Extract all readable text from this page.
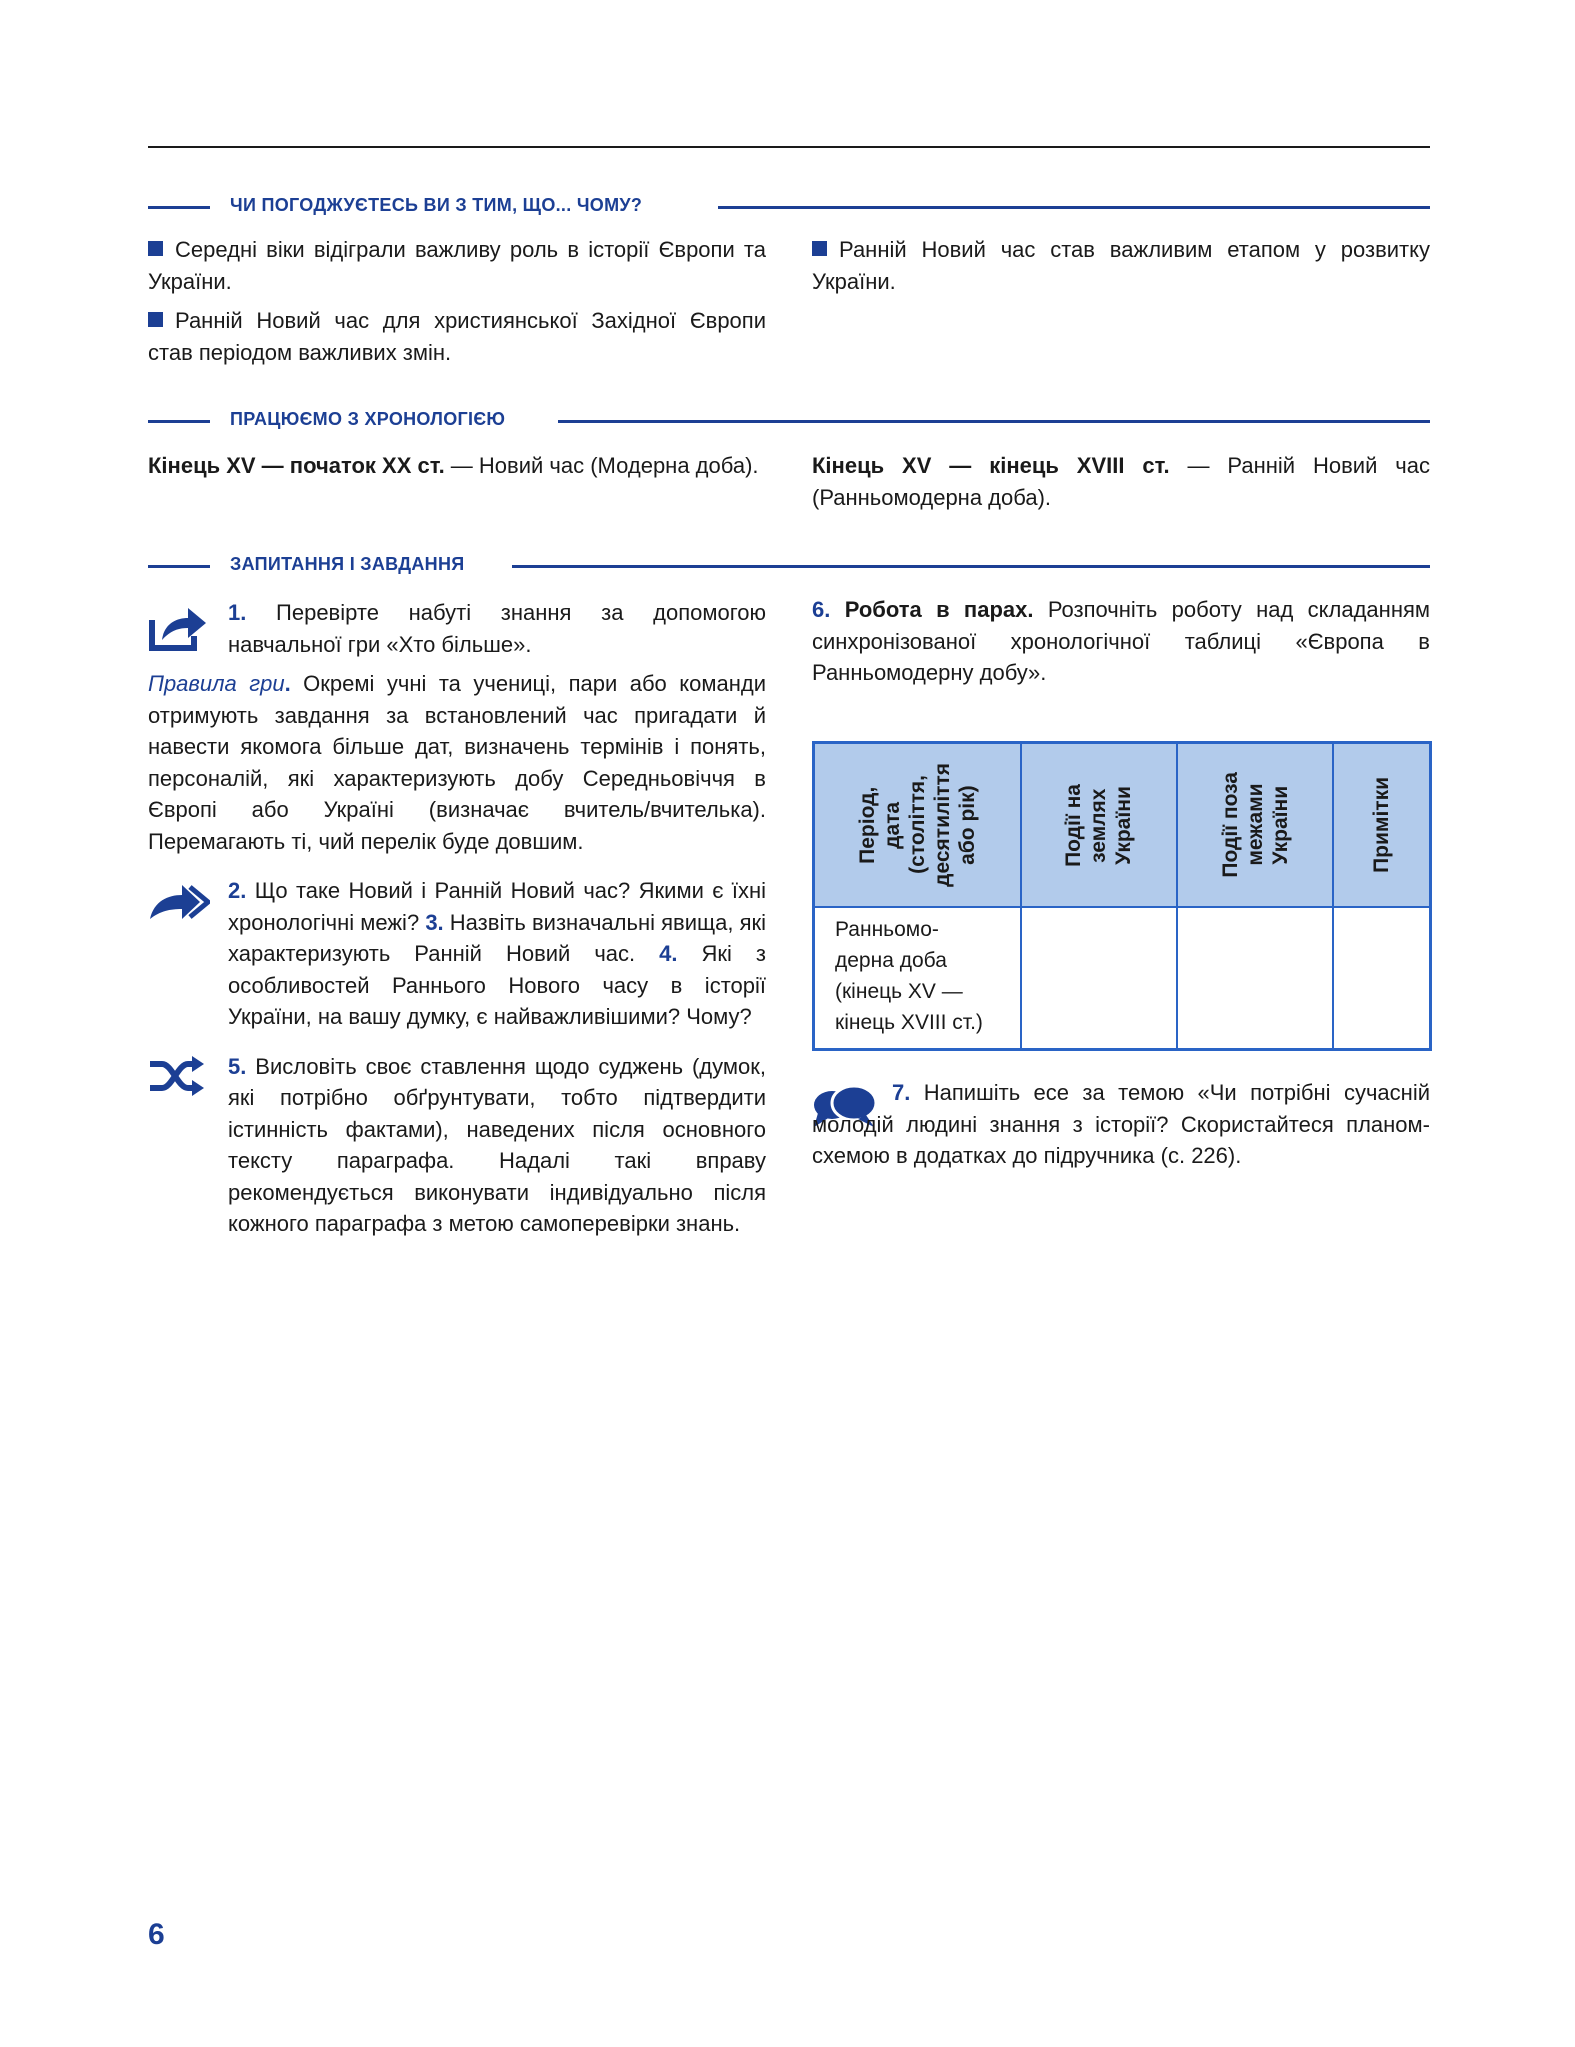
ЧИ ПОГОДЖУЄТЕСЬ ВИ З ТИМ, ЩО... ЧОМУ?

Середні віки відіграли важливу роль в історії Європи та України.

Ранній Новий час для християнської Західної Європи став періодом важливих змін.

Ранній Новий час став важливим етапом у розвитку України.

ПРАЦЮЄМО З ХРОНОЛОГІЄЮ

Кінець XV — початок XX ст. — Новий час (Модерна доба).	Кінець XV — кінець XVIII ст. — Ранній Новий час (Ранньомодерна доба).

ЗАПИТАННЯ І ЗАВДАННЯ

1. Перевірте набуті знання за допомогою навчальної гри «Хто більше».

Правила гри. Окремі учні та учениці, пари або команди отримують завдання за встановлений час пригадати й навести якомога більше дат, визначень термінів і понять, персоналій, які характеризують добу Середньовіччя в Європі або Україні (визначає вчитель/вчителька). Перемагають ті, чий перелік буде довшим.

2. Що таке Новий і Ранній Новий час? Якими є їхні хронологічні межі? 3. Назвіть визначальні явища, які характеризують Ранній Новий час. 4. Які з особливостей Раннього Нового часу в історії України, на вашу думку, є найважливішими? Чому?

5. Висловіть своє ставлення щодо суджень (думок, які потрібно обґрунтувати, тобто підтвердити істинність фактами), наведених після основного тексту параграфа. Надалі такі вправу рекомендується виконувати індивідуально після кожного параграфа з метою самоперевірки знань.

6. Робота в парах. Розпочніть роботу над складанням синхронізованої хронологічної таблиці «Європа в Ранньомодерну добу».

Період,
дата
(століття,
десятиліття
або рік)	Події на
землях
України	Події поза
межами
України	Примітки

Ранньомо-
дерна доба
(кінець XV —
кінець XVIII ст.)			

7. Напишіть есе за темою «Чи потрібні сучасній молодій людині знання з історії? Скористайтеся планом-схемою в додатках до підручника (с. 226).

6
